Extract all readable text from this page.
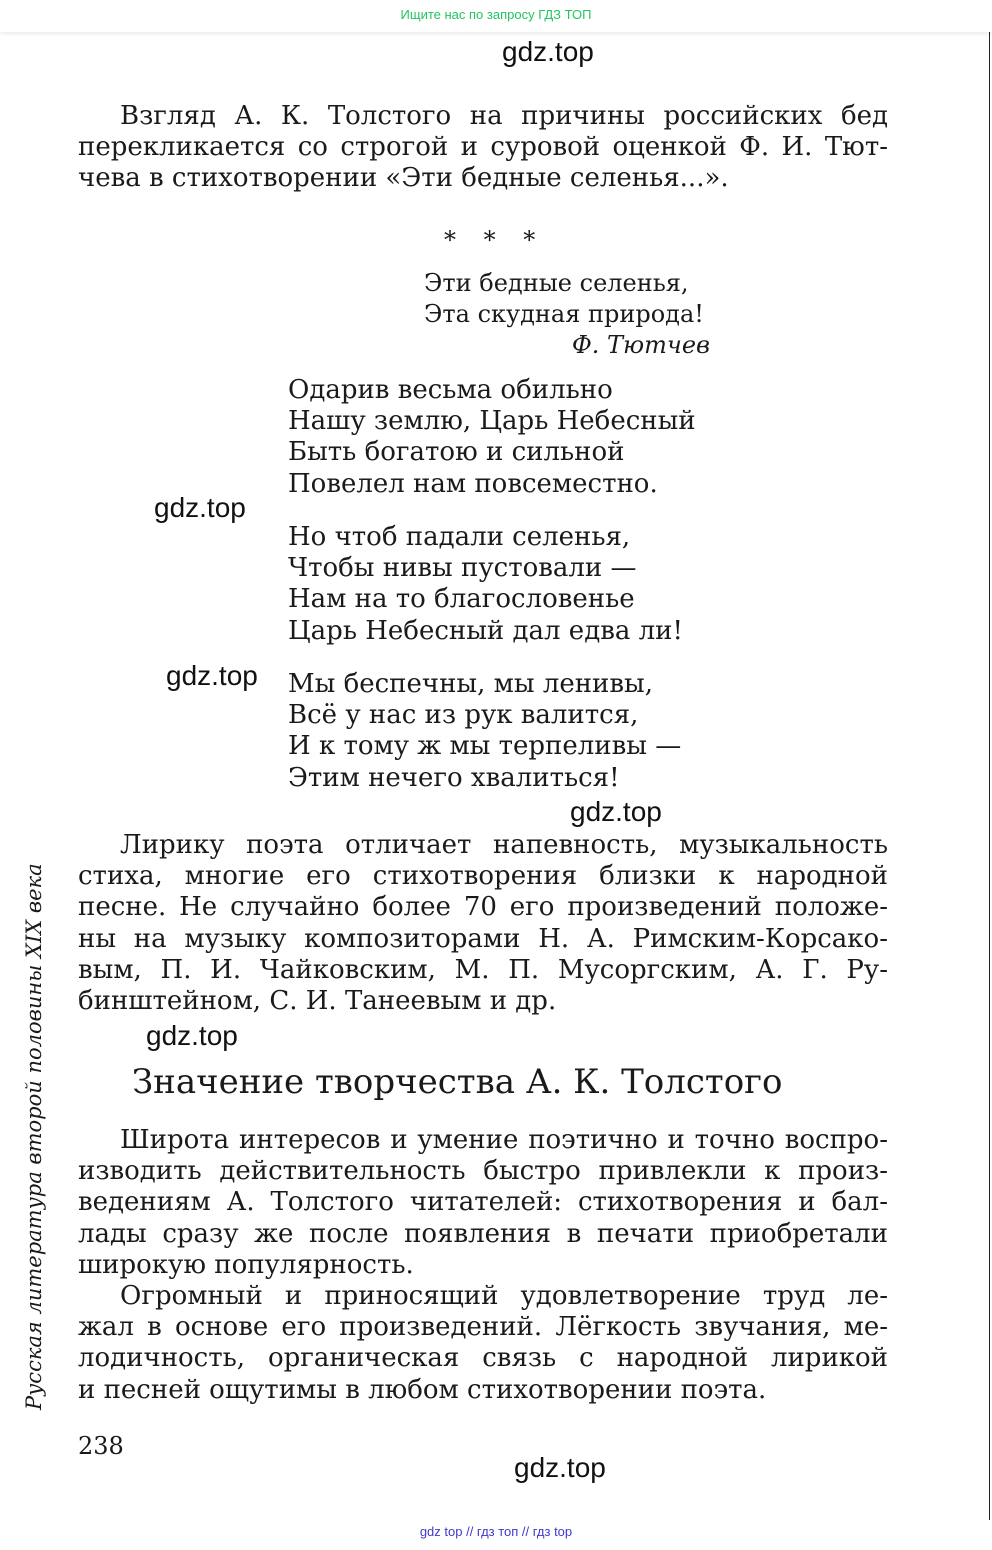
Ищите нас по запросу ГДЗ ТОП
gdz.top
gdz.top
gdz.top
gdz.top
gdz.top
gdz.top
Взгляд А. К. Толстого на причины российских бед
перекликается со строгой и суровой оценкой Ф. И. Тют-
чева в стихотворении «Эти бедные селенья...».
* * *
Эти бедные селенья,
Эта скудная природа!
Ф. Тютчев
Одарив весьма обильно
Нашу землю, Царь Небесный
Быть богатою и сильной
Повелел нам повсеместно.
Но чтоб падали селенья,
Чтобы нивы пустовали —
Нам на то благословенье
Царь Небесный дал едва ли!
Мы беспечны, мы ленивы,
Всё у нас из рук валится,
И к тому ж мы терпеливы —
Этим нечего хвалиться!
Лирику поэта отличает напевность, музыкальность
стиха, многие его стихотворения близки к народной
песне. Не случайно более 70 его произведений положе-
ны на музыку композиторами Н. А. Римским-Корсако-
вым, П. И. Чайковским, М. П. Мусоргским, А. Г. Ру-
бинштейном, С. И. Танеевым и др.
Значение творчества А. К. Толстого
Широта интересов и умение поэтично и точно воспро-
изводить действительность быстро привлекли к произ-
ведениям А. Толстого читателей: стихотворения и бал-
лады сразу же после появления в печати приобретали
широкую популярность.
Огромный и приносящий удовлетворение труд ле-
жал в основе его произведений. Лёгкость звучания, ме-
лодичность, органическая связь с народной лирикой
и песней ощутимы в любом стихотворении поэта.
Русская литература второй половины XIX века
238
gdz top // гдз топ // гдз top
